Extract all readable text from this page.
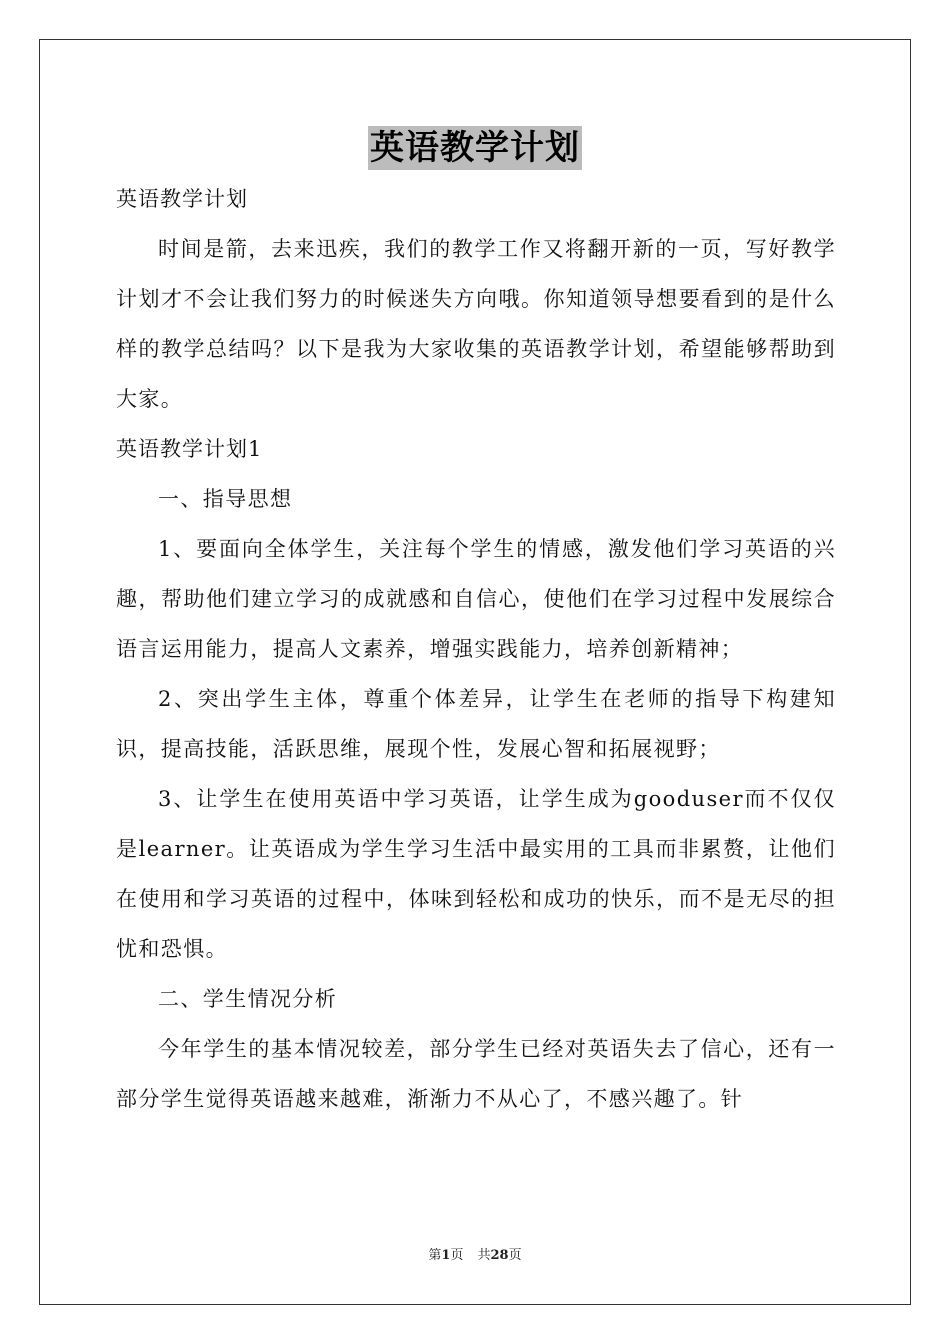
英语教学计划

英语教学计划

时间是箭，去来迅疾，我们的教学工作又将翻开新的一页，写好教学计划才不会让我们努力的时候迷失方向哦。你知道领导想要看到的是什么样的教学总结吗？以下是我为大家收集的英语教学计划，希望能够帮助到大家。

英语教学计划1

一、指导思想

1、要面向全体学生，关注每个学生的情感，激发他们学习英语的兴趣，帮助他们建立学习的成就感和自信心，使他们在学习过程中发展综合语言运用能力，提高人文素养，增强实践能力，培养创新精神；

2、突出学生主体，尊重个体差异，让学生在老师的指导下构建知识，提高技能，活跃思维，展现个性，发展心智和拓展视野；

3、让学生在使用英语中学习英语，让学生成为gooduser而不仅仅是learner。让英语成为学生学习生活中最实用的工具而非累赘，让他们在使用和学习英语的过程中，体味到轻松和成功的快乐，而不是无尽的担忧和恐惧。

二、学生情况分析

今年学生的基本情况较差，部分学生已经对英语失去了信心，还有一部分学生觉得英语越来越难，渐渐力不从心了，不感兴趣了。针

第1页 共28页
